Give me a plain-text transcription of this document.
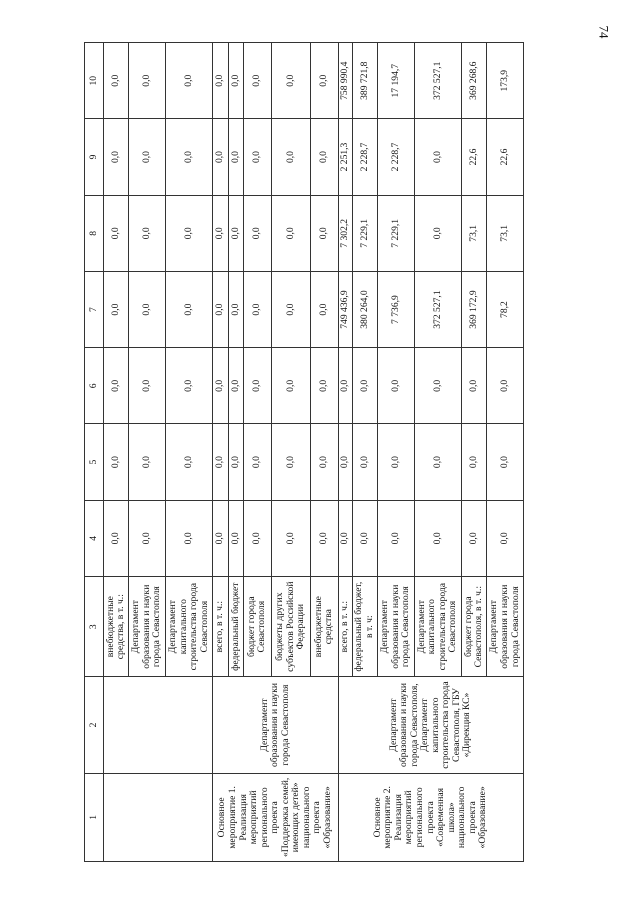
74
1	2	3	4	5	6	7	8	9	10
		внебюджетные средства, в т. ч.:	0,0	0,0	0,0	0,0	0,0	0,0	0,0
		Департамент образования и науки города Севастополя	0,0	0,0	0,0	0,0	0,0	0,0	0,0
		Департамент капитального строительства города Севастополя	0,0	0,0	0,0	0,0	0,0	0,0	0,0
Основное мероприятие 1. Реализация мероприятий регионального проекта «Поддержка семей, имеющих детей» национального проекта «Образование»	Департамент образования и науки города Севастополя	всего, в т. ч.:	0,0	0,0	0,0	0,0	0,0	0,0	0,0
		федеральный бюджет	0,0	0,0	0,0	0,0	0,0	0,0	0,0
		бюджет города Севастополя	0,0	0,0	0,0	0,0	0,0	0,0	0,0
		бюджеты других субъектов Российской Федерации	0,0	0,0	0,0	0,0	0,0	0,0	0,0
		внебюджетные средства	0,0	0,0	0,0	0,0	0,0	0,0	0,0
Основное мероприятие 2. Реализация мероприятий регионального проекта «Современная школа» национального проекта «Образование»	Департамент образования и науки города Севастополя, Департамент капитального строительства города Севастополя, ГБУ «Дирекция КС»	всего, в т. ч.:	0,0	0,0	0,0	749 436,9	7 302,2	2 251,3	758 990,4
		федеральный бюджет, в т. ч:	0,0	0,0	0,0	380 264,0	7 229,1	2 228,7	389 721,8
		Департамент образования и науки города Севастополя	0,0	0,0	0,0	7 736,9	7 229,1	2 228,7	17 194,7
		Департамент капитального строительства города Севастополя	0,0	0,0	0,0	372 527,1	0,0	0,0	372 527,1
		бюджет города Севастополя, в т. ч.:	0,0	0,0	0,0	369 172,9	73,1	22,6	369 268,6
		Департамент образования и науки города Севастополя	0,0	0,0	0,0	78,2	73,1	22,6	173,9
